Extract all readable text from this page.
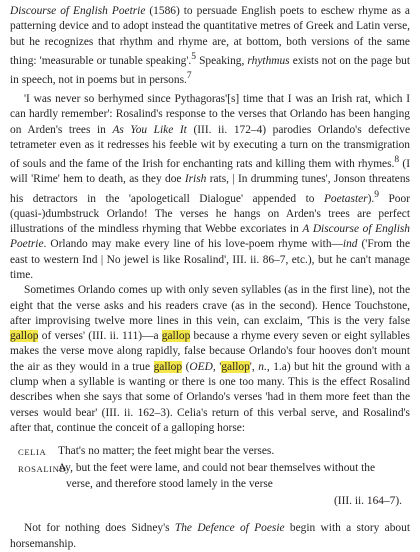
Discourse of English Poetrie (1586) to persuade English poets to eschew rhyme as a patterning device and to adopt instead the quantitative metres of Greek and Latin verse, but he recognizes that rhythm and rhyme are, at bottom, both versions of the same thing: 'measurable or tunable speaking'.$^5$ Speaking, rhythmus exists not on the page but in speech, not in poems but in persons.$^7$

'I was never so berhymed since Pythagoras'[s] time that I was an Irish rat, which I can hardly remember': Rosalind's response to the verses that Orlando has been hanging on Arden's trees in As You Like It (III. ii. 172–4) parodies Orlando's defective tetrameter even as it redresses his feeble wit by executing a turn on the transmigration of souls and the fame of the Irish for enchanting rats and killing them with rhymes.$^8$ (I will 'Rime' hem to death, as they doe Irish rats, | In drumming tunes', Jonson threatens his detractors in the 'apologeticall Dialogue' appended to Poetaster).$^9$ Poor (quasi-)dumbstruck Orlando! The verses he hangs on Arden's trees are perfect illustrations of the mindless rhyming that Webbe excoriates in A Discourse of English Poetrie. Orlando may make every line of his love-poem rhyme with—ind ('From the east to western Ind | No jewel is like Rosalind', III. ii. 86–7, etc.), but he can't manage time.

Sometimes Orlando comes up with only seven syllables (as in the first line), not the eight that the verse asks and his readers crave (as in the second). Hence Touchstone, after improvising twelve more lines in this vein, can exclaim, 'This is the very false gallop of verses' (III. ii. 111)—a gallop because a rhyme every seven or eight syllables makes the verse move along rapidly, false because Orlando's four hooves don't mount the air as they would in a true gallop (OED, 'gallop', n., 1.a) but hit the ground with a clump when a syllable is wanting or there is one too many. This is the effect Rosalind describes when she says that some of Orlando's verses 'had in them more feet than the verses would bear' (III. ii. 162–3). Celia's return of this verbal serve, and Rosalind's after that, continue the conceit of a galloping horse:

CELIA	That's no matter; the feet might bear the verses.
ROSALIND
Ay, but the feet were lame, and could not bear themselves without the
verse, and therefore stood lamely in the verse
(III. ii. 164–7).

Not for nothing does Sidney's The Defence of Poesie begin with a story about horsemanship.
